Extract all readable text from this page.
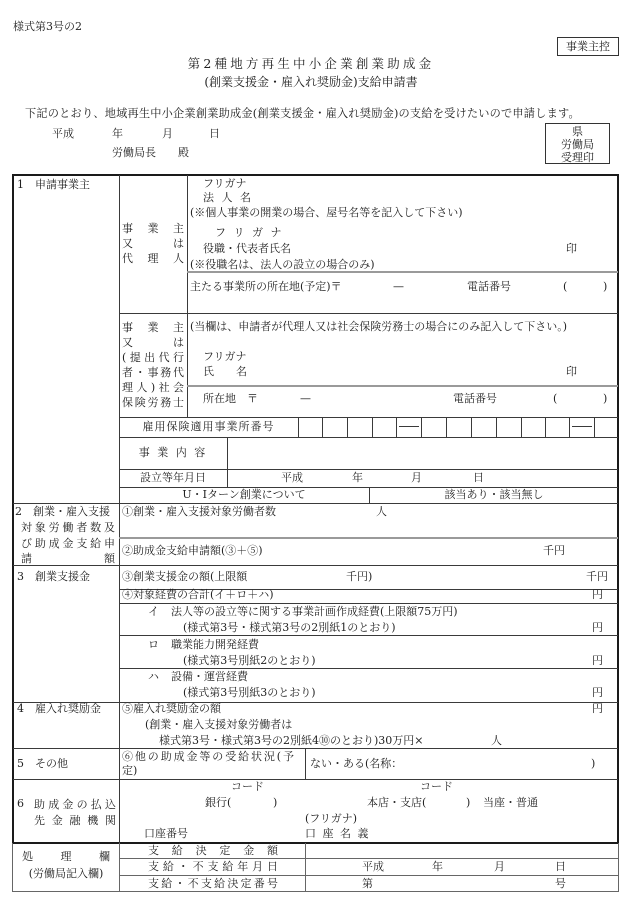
様式第3号の2
事業主控
第2種地方再生中小企業創業助成金
(創業支援金・雇入れ奨励金)支給申請書
下記のとおり、地域再生中小企業創業助成金(創業支援金・雇入れ奨励金)の支給を受けたいので申請します。
平成	年	月	日
労働局長 殿
県
労働局
受理印
1　申請事業主
事 業 主
又 　 は
代 理 人
フリガナ
法 人 名
(※個人事業の開業の場合、屋号名等を記入して下さい)
フ リ ガ ナ
役職・代表者氏名	印
(※役職名は、法人の設立の場合のみ)
主たる事業所の所在地(予定)〒	—	電話番号	(	)
事 業 主
又 　 は
(提出代行
者・事務代
理人)社会
保険労務士
(当欄は、申請者が代理人又は社会保険労務士の場合にのみ記入して下さい。)
フリガナ
氏　　名	印
所在地　〒	—	電話番号	(	)
雇用保険適用事業所番号
事 業 内 容
設立等年月日	平成	年	月	日
U・Iターン創業について	該当あり・該当無し
2　創業・雇入支援
対象労働者数及
び助成金支給申
請 　　　 額
①創業・雇入支援対象労働者数	人
②助成金支給申請額(③＋⑤)	千円
3　創業支援金	③創業支援金の額(上限額	千円)	千円
④対象経費の合計(イ＋ロ＋ハ)	円
イ 法人等の設立等に関する事業計画作成経費(上限額75万円)
(様式第3号・様式第3号の2別紙1のとおり)	円
ロ 職業能力開発経費
(様式第3号別紙2のとおり)	円
ハ 設備・運営経費
(様式第3号別紙3のとおり)	円
4　雇入れ奨励金 ⑤雇入れ奨励金の額	円
(創業・雇入支援対象労働者は
様式第3号・様式第3号の2別紙4⑩のとおり)30万円×	人
5　その他
⑥他の助成金等の受給状況(予
定)
ない・ある(名称：	)
6 助成金の払込
先金融機関
コード	コード
銀行(	)	本店・支店(	) 当座・普通
(フリガナ)
口座番号	口 座 名 義
処　理　欄
(労働局記入欄)
支 給 決 定 金 額
支給・不支給年月日	平成	年	月	日
支給・不支給決定番号	第	号
